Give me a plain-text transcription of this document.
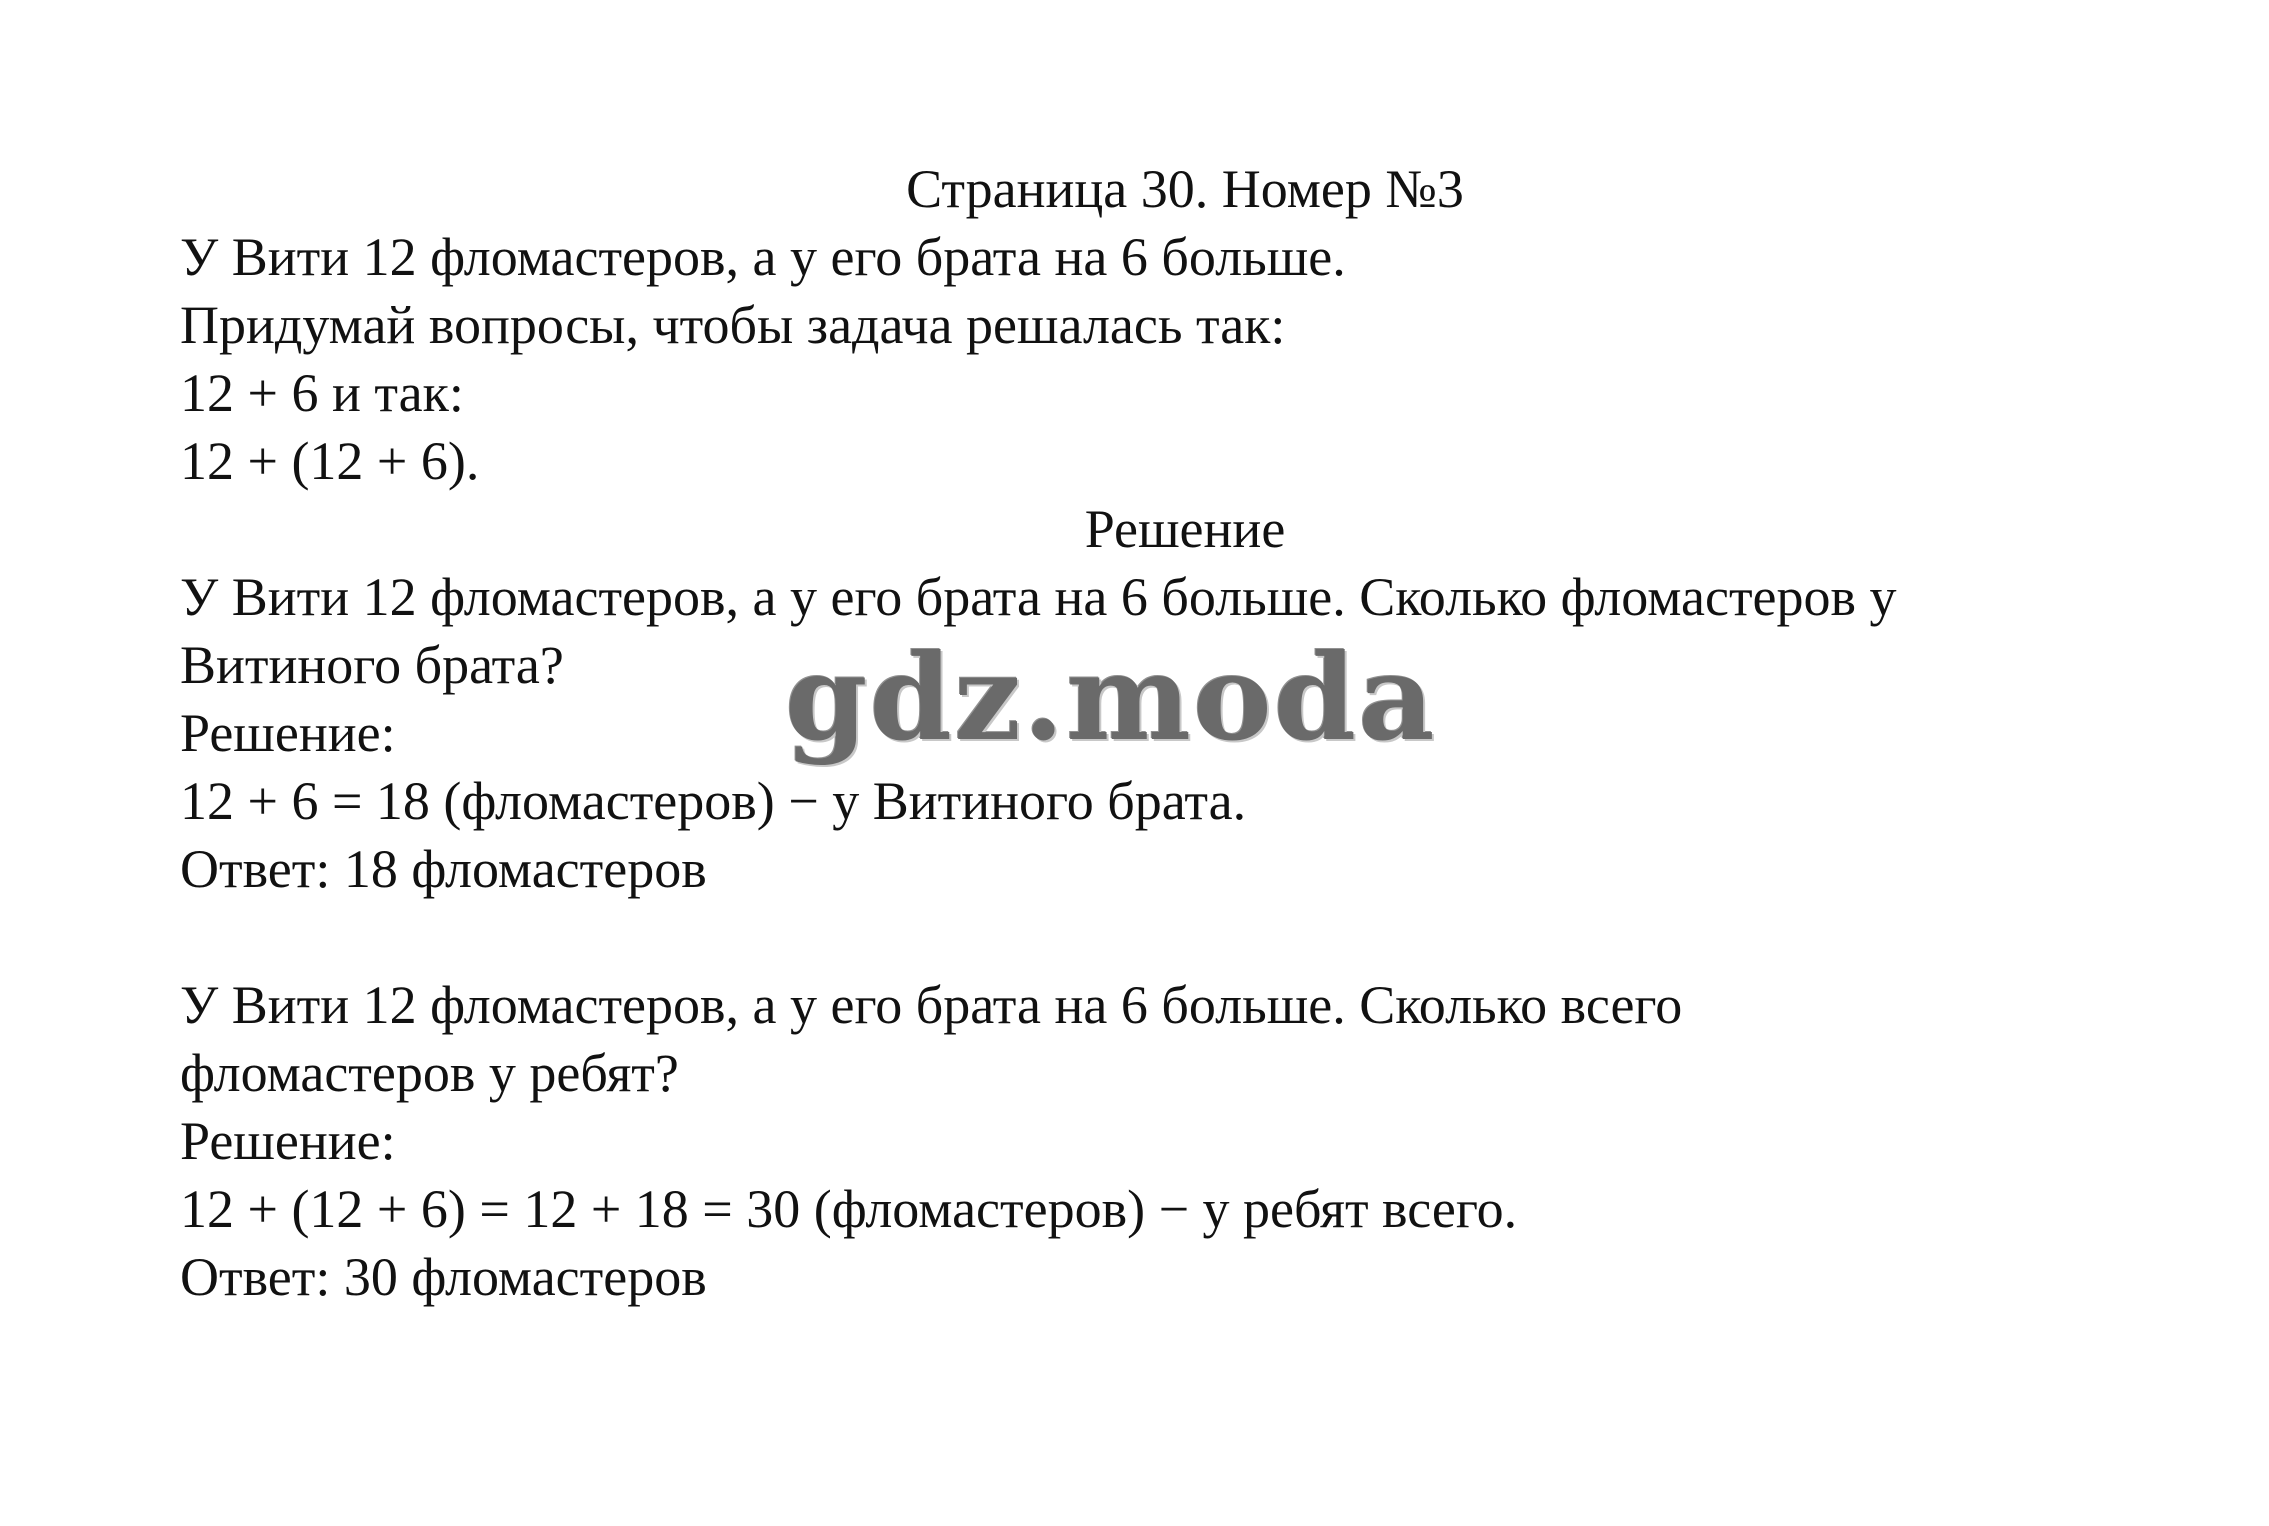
Страница 30. Номер №3

У Вити 12 фломастеров, а у его брата на 6 больше.

Придумай вопросы, чтобы задача решалась так:

12 + 6 и так:

12 + (12 + 6).

Решение

У Вити 12 фломастеров, а у его брата на 6 больше. Сколько фломастеров у

Витиного брата?

Решение:

12 + 6 = 18 (фломастеров) − у Витиного брата.

Ответ: 18 фломастеров

У Вити 12 фломастеров, а у его брата на 6 больше. Сколько всего

фломастеров у ребят?

Решение:

12 + (12 + 6) = 12 + 18 = 30 (фломастеров) − у ребят всего.

Ответ: 30 фломастеров

gdz.moda
